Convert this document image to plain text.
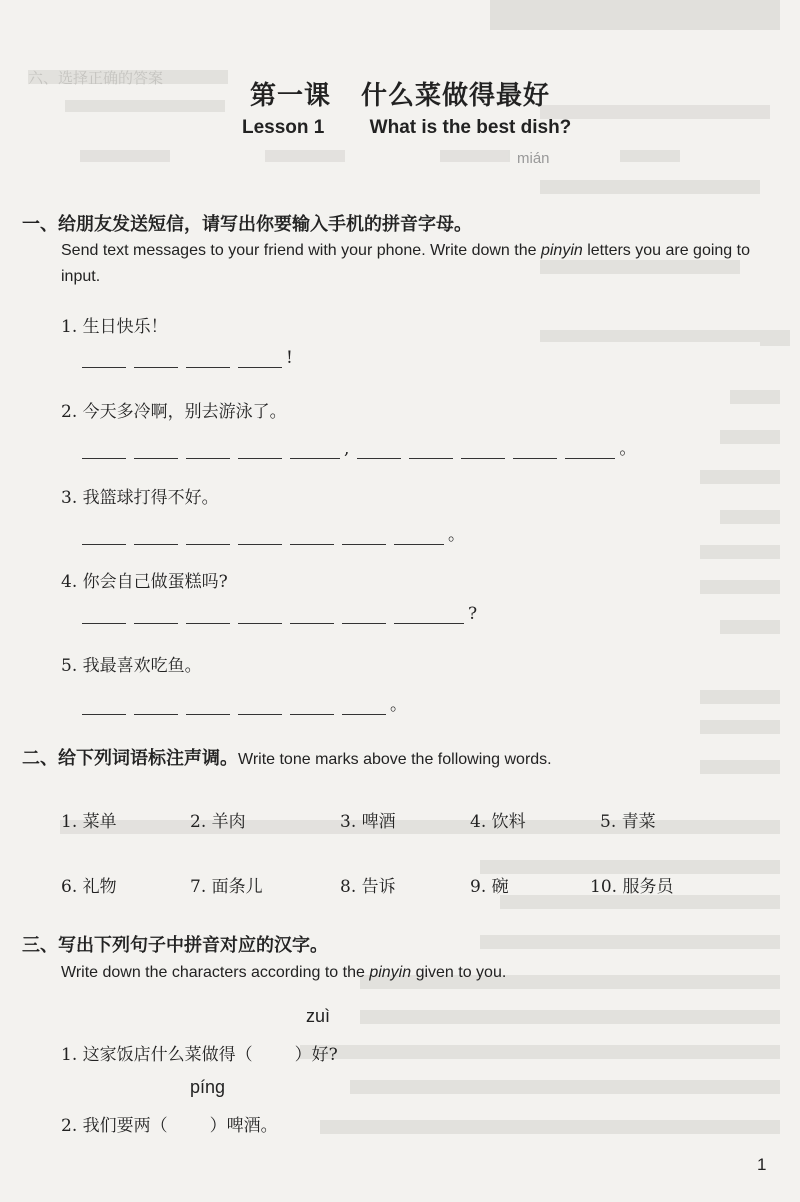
mián
六、选择正确的答案
第一课 什么菜做得最好
Lesson 1 What is the best dish?
一、给朋友发送短信，请写出你要输入手机的拼音字母。
Send text messages to your friend with your phone. Write down the pinyin letters you are going to input.
1. 生日快乐！
!
2. 今天多冷啊，别去游泳了。
,	。
3. 我篮球打得不好。
。
4. 你会自己做蛋糕吗?
?
5. 我最喜欢吃鱼。
。
二、给下列词语标注声调。Write tone marks above the following words.
1. 菜单	2. 羊肉	3. 啤酒	4. 饮料	5. 青菜
6. 礼物	7. 面条儿	8. 告诉	9. 碗	10. 服务员
三、写出下列句子中拼音对应的汉字。
Write down the characters according to the pinyin given to you.
zuì
1. 这家饭店什么菜做得（ ）好?
píng
2. 我们要两（ ）啤酒。
1
